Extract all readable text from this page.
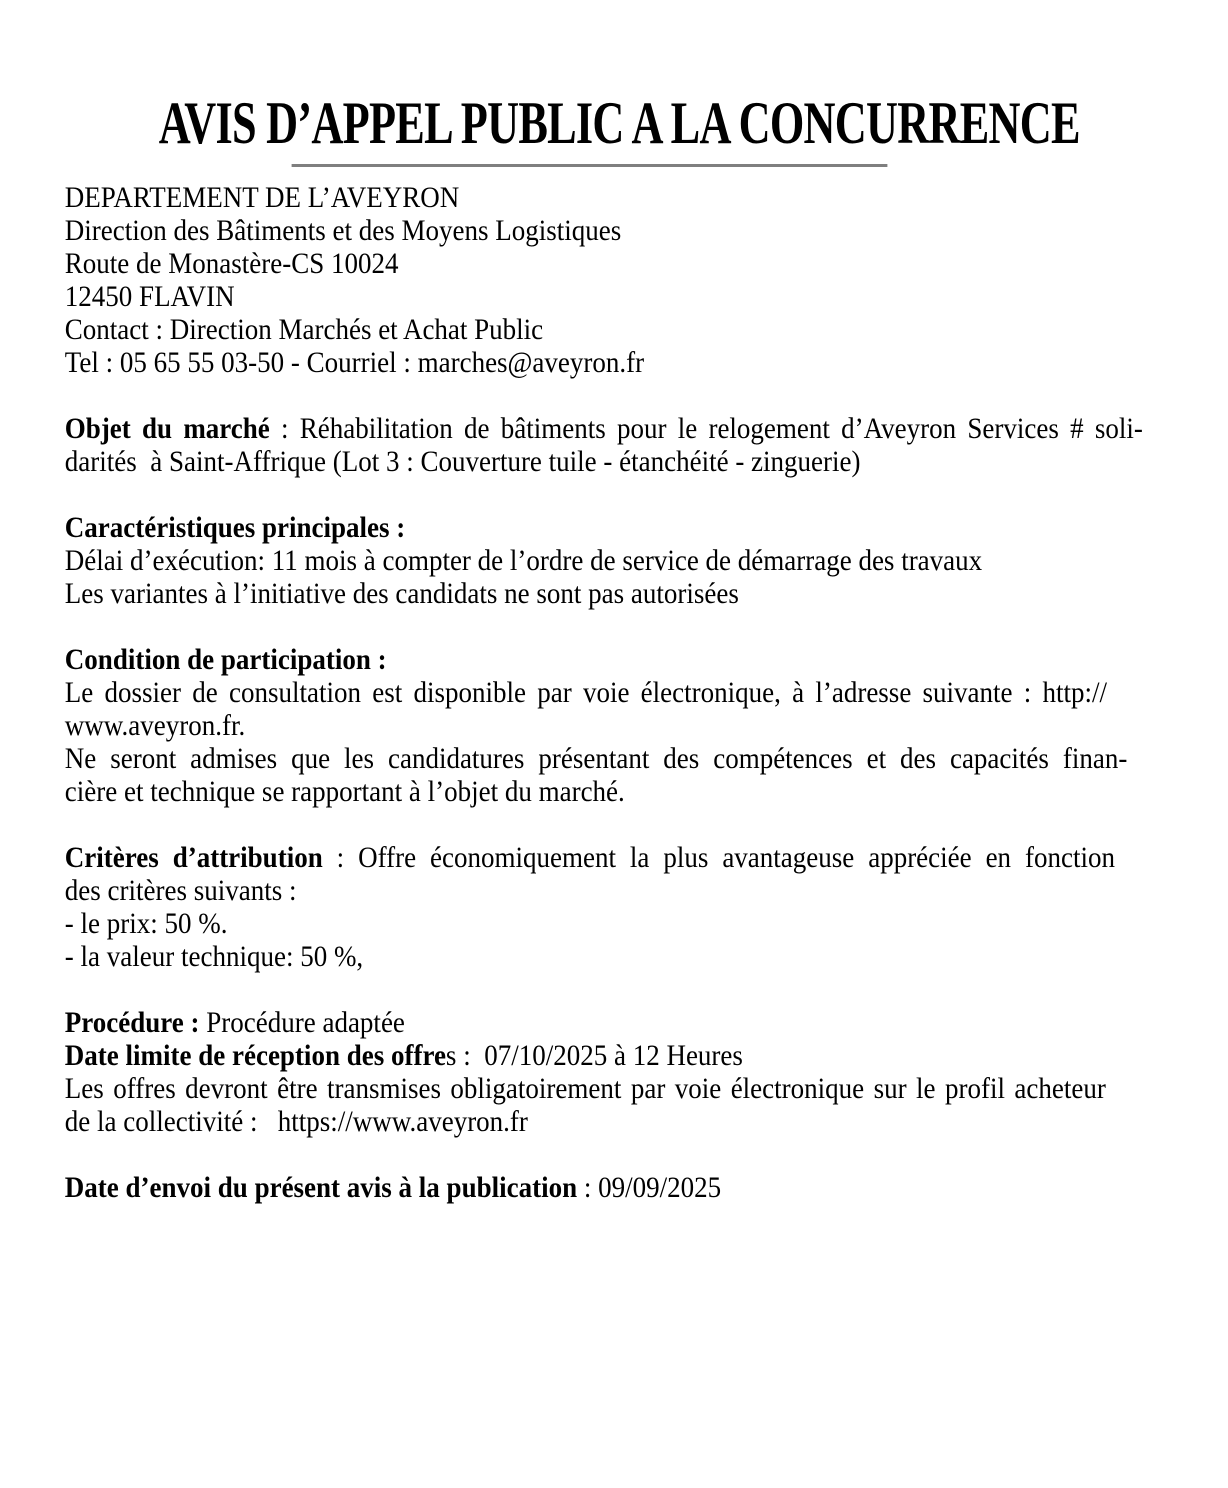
AVIS D’APPEL PUBLIC A LA CONCURRENCE
DEPARTEMENT DE L’AVEYRON
Direction des Bâtiments et des Moyens Logistiques
Route de Monastère-CS 10024
12450 FLAVIN
Contact : Direction Marchés et Achat Public
Tel : 05 65 55 03-50 - Courriel : marches@aveyron.fr
Objet du marché : Réhabilitation de bâtiments pour le relogement d’Aveyron Services # soli-
darités  à Saint-Affrique (Lot 3 : Couverture tuile - étanchéité - zinguerie)
Caractéristiques principales :
Délai d’exécution: 11 mois à compter de l’ordre de service de démarrage des travaux
Les variantes à l’initiative des candidats ne sont pas autorisées
Condition de participation :
Le dossier de consultation est disponible par voie électronique, à l’adresse suivante : http://
www.aveyron.fr.
Ne seront admises que les candidatures présentant des compétences et des capacités finan-
cière et technique se rapportant à l’objet du marché.
Critères d’attribution : Offre économiquement la plus avantageuse appréciée en fonction
des critères suivants :
- le prix: 50 %.
- la valeur technique: 50 %,
Procédure : Procédure adaptée
Date limite de réception des offres :  07/10/2025 à 12 Heures
Les offres devront être transmises obligatoirement par voie électronique sur le profil acheteur
de la collectivité :   https://www.aveyron.fr
Date d’envoi du présent avis à la publication : 09/09/2025
